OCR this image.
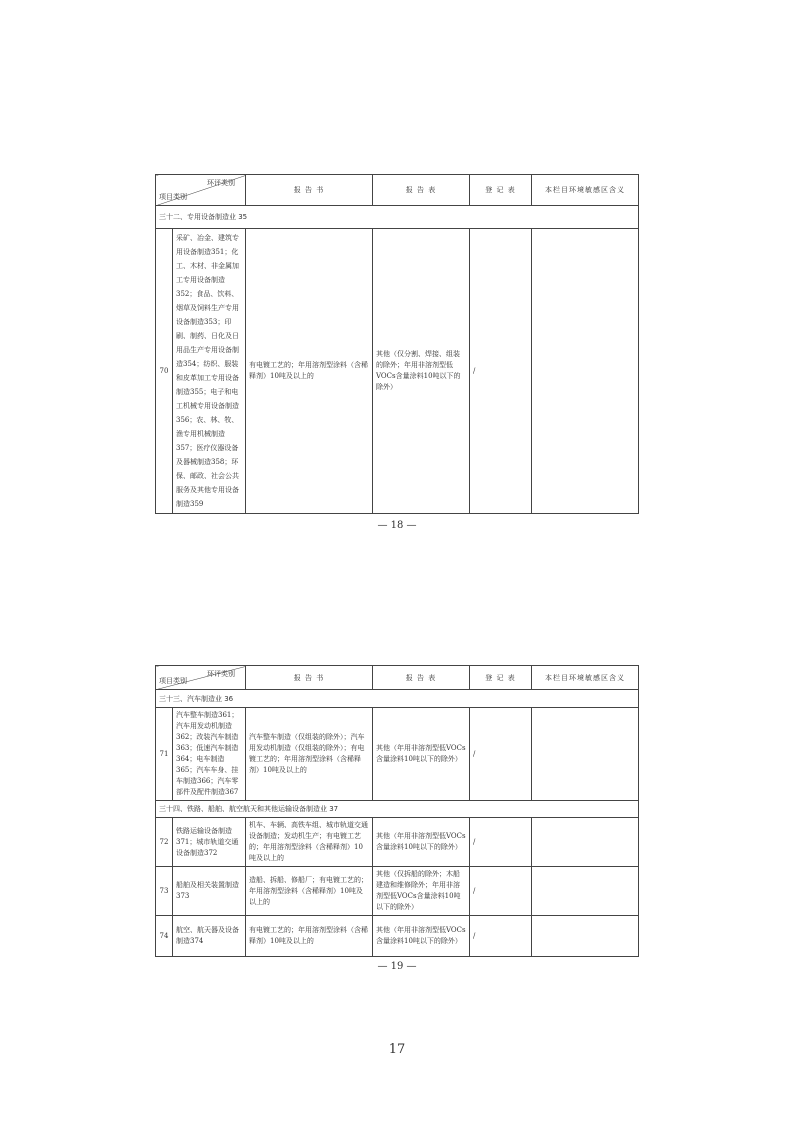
环评类别
项目类别		报 告 书	报 告 表	登 记 表	本栏目环境敏感区含义
三十二、专用设备制造业 35					
70	采矿、冶金、建筑专用设备制造351；化工、木材、非金属加工专用设备制造352；食品、饮料、烟草及饲料生产专用设备制造353；印刷、制药、日化及日用品生产专用设备制造354；纺织、服装和皮革加工专用设备制造355；电子和电工机械专用设备制造356；农、林、牧、渔专用机械制造357；医疗仪器设备及器械制造358；环保、邮政、社会公共服务及其他专用设备制造359	有电镀工艺的；年用溶剂型涂料（含稀释剂）10吨及以上的	其他（仅分割、焊接、组装的除外；年用非溶剂型低VOCs含量涂料10吨以下的除外）	/	
— 18 —
环评类别
项目类别		报 告 书	报 告 表	登 记 表	本栏目环境敏感区含义
三十三、汽车制造业 36					
71	汽车整车制造361；汽车用发动机制造362；改装汽车制造363；低速汽车制造364；电车制造365；汽车车身、挂车制造366；汽车零部件及配件制造367	汽车整车制造（仅组装的除外）；汽车用发动机制造（仅组装的除外）；有电镀工艺的；年用溶剂型涂料（含稀释剂）10吨及以上的	其他（年用非溶剂型低VOCs含量涂料10吨以下的除外）	/	
三十四、铁路、船舶、航空航天和其他运输设备制造业 37					
72	铁路运输设备制造371；城市轨道交通设备制造372	机车、车辆、高铁车组、城市轨道交通设备制造；发动机生产；有电镀工艺的；年用溶剂型涂料（含稀释剂）10吨及以上的	其他（年用非溶剂型低VOCs含量涂料10吨以下的除外）	/	
73	船舶及相关装置制造373	造船、拆船、修船厂；有电镀工艺的；年用溶剂型涂料（含稀释剂）10吨及以上的	其他（仅拆船的除外；木船建造和维修除外；年用非溶剂型低VOCs含量涂料10吨以下的除外）	/	
74	航空、航天器及设备制造374	有电镀工艺的；年用溶剂型涂料（含稀释剂）10吨及以上的	其他（年用非溶剂型低VOCs含量涂料10吨以下的除外）	/	
— 19 —
17
